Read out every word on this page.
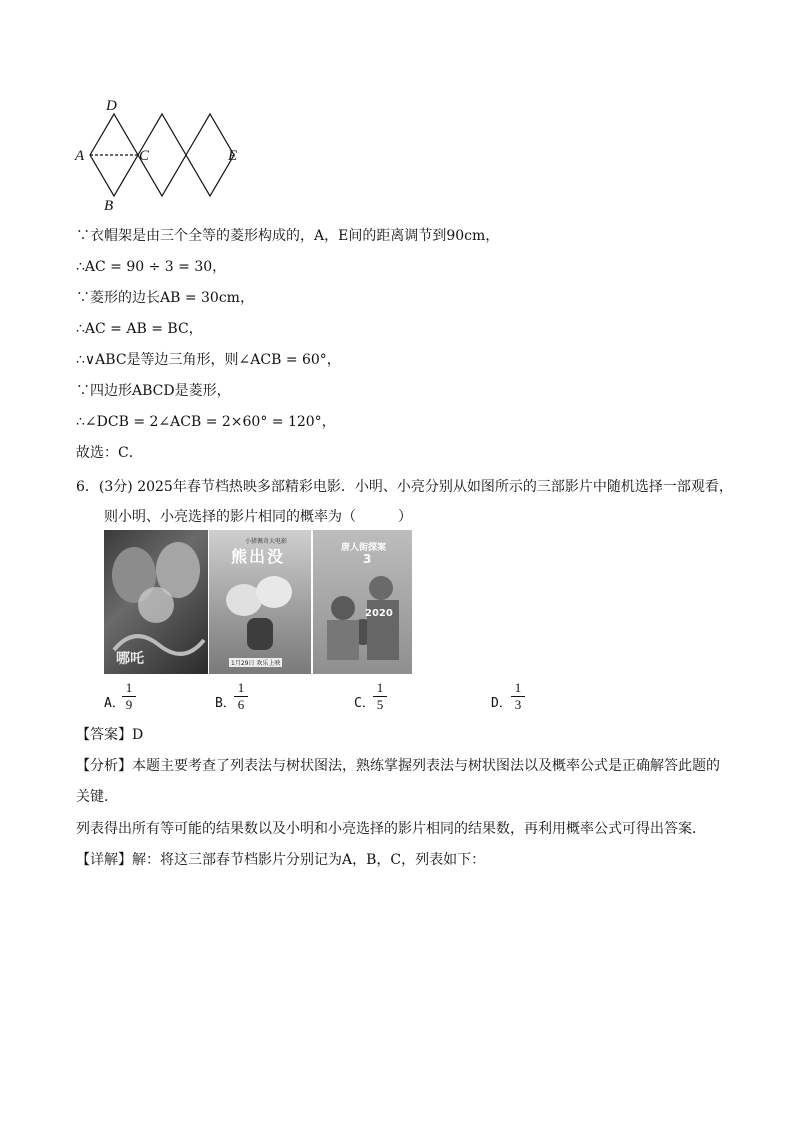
D
A	C	E
B
∵衣帽架是由三个全等的菱形构成的，A，E间的距离调节到90cm，
∴AC = 90 ÷ 3 = 30，
∵菱形的边长AB = 30cm，
∴AC = AB = BC，
∴∨ABC是等边三角形，则∠ACB = 60°，
∵四边形ABCD是菱形，
∴∠DCB = 2∠ACB = 2×60° = 120°，
故选：C．
6．(3分) 2025年春节档热映多部精彩电影．小明、小亮分别从如图所示的三部影片中随机选择一部观看，
则小明、小亮选择的影片相同的概率为（　　　）
哪吒
小猪佩奇大电影
熊出没
1月29日 欢乐上映
唐人街探案
3
2020
A．
1
9	B．
1
6	C．
1
5	D．
1
3
【答案】D
【分析】本题主要考查了列表法与树状图法，熟练掌握列表法与树状图法以及概率公式是正确解答此题的
关键．
列表得出所有等可能的结果数以及小明和小亮选择的影片相同的结果数，再利用概率公式可得出答案．
【详解】解：将这三部春节档影片分别记为A，B，C，列表如下：
